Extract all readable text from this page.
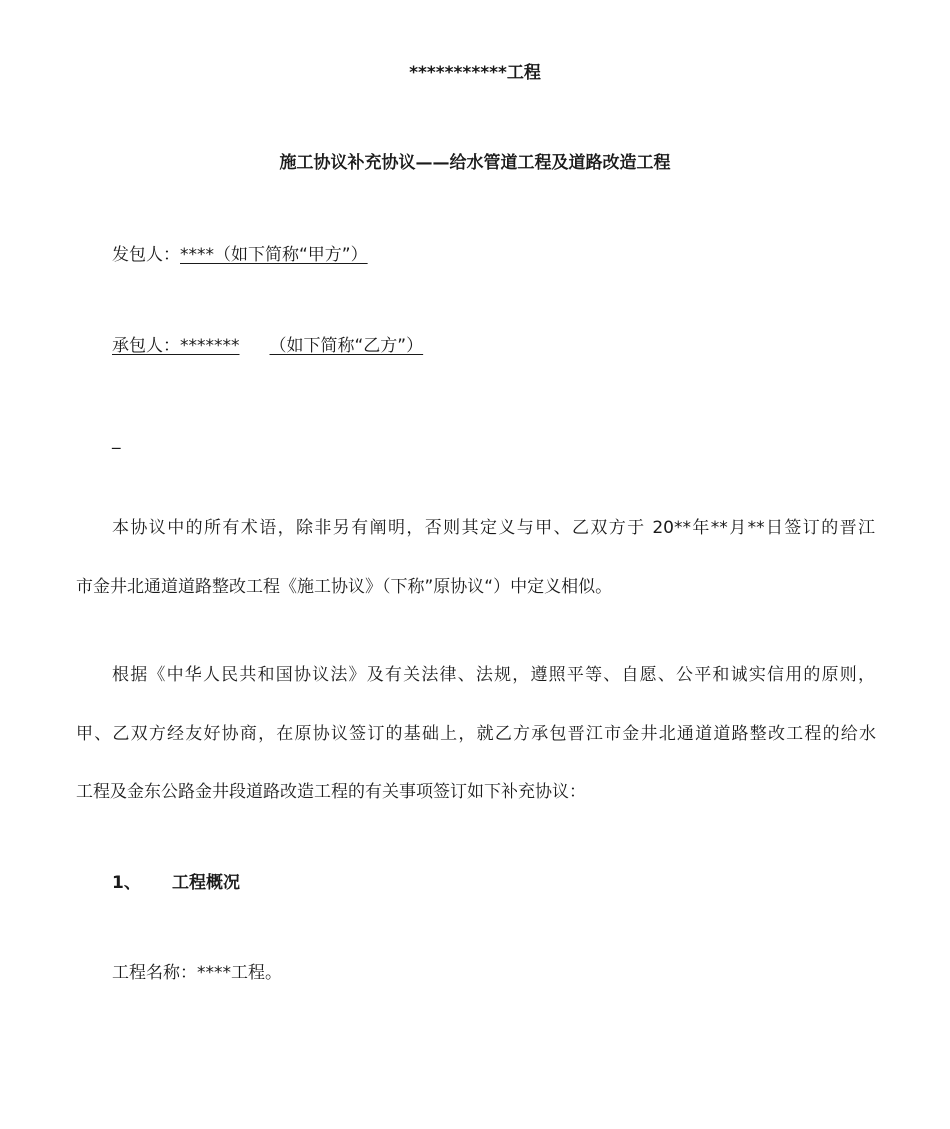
***********工程
施工协议补充协议——给水管道工程及道路改造工程
发包人：****（如下简称“甲方”）
承包人：******* （如下简称“乙方”）
_
本协议中的所有术语，除非另有阐明，否则其定义与甲、乙双方于 20**年**月**日签订的晋江
市金井北通道道路整改工程《施工协议》（下称”原协议“）中定义相似。
根据《中华人民共和国协议法》及有关法律、法规，遵照平等、自愿、公平和诚实信用的原则，
甲、乙双方经友好协商，在原协议签订的基础上，就乙方承包晋江市金井北通道道路整改工程的给水
工程及金东公路金井段道路改造工程的有关事项签订如下补充协议：
1、 工程概况
工程名称：****工程。
